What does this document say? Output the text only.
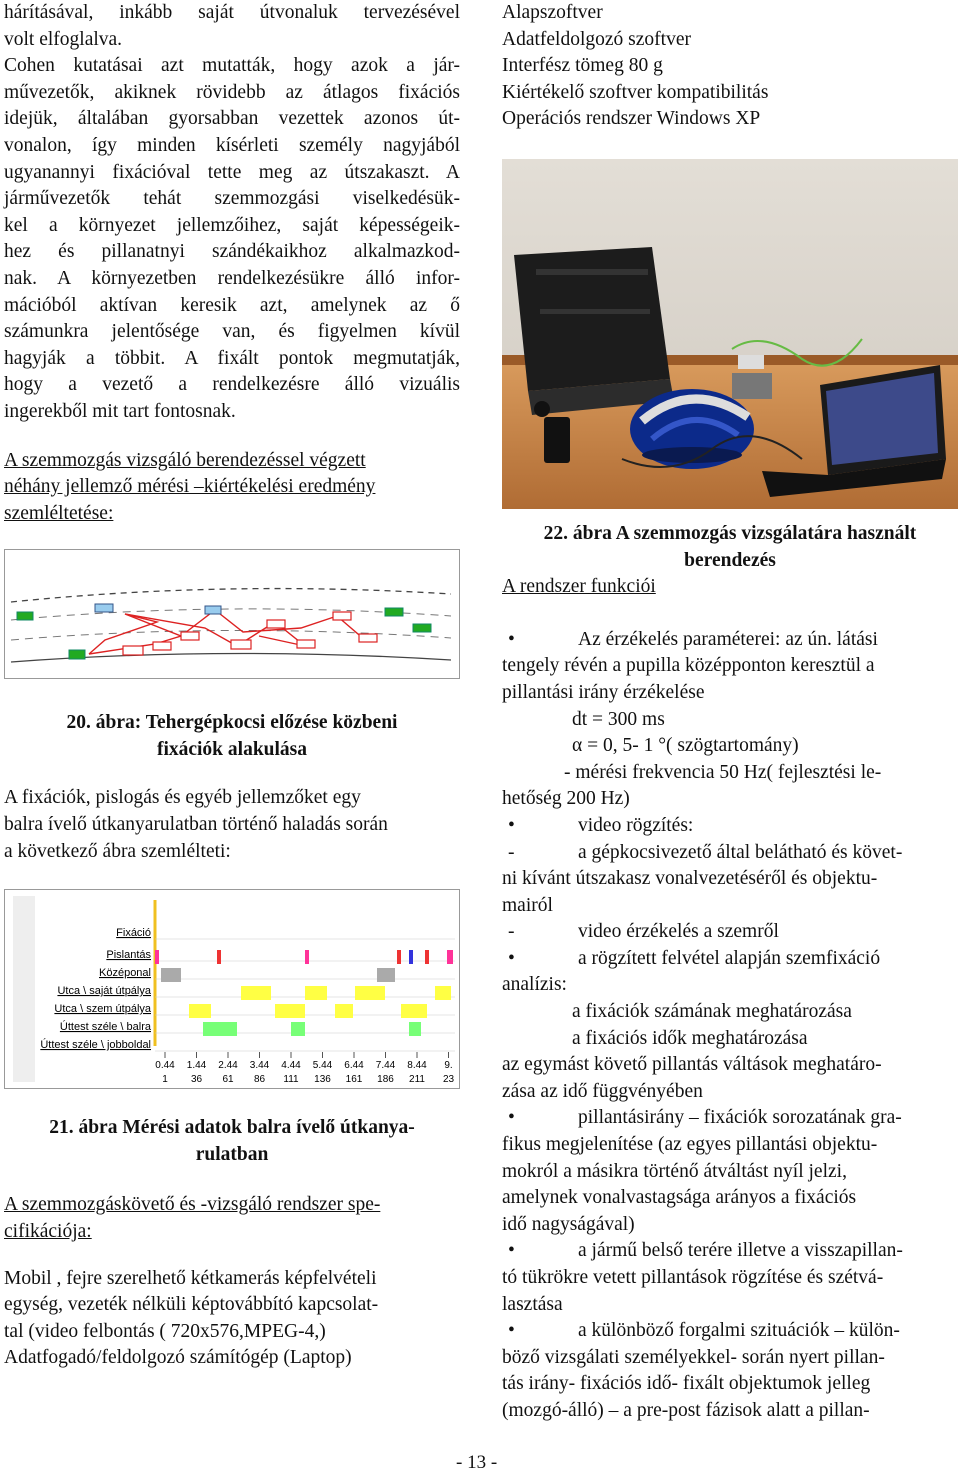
hárításával, inkább saját útvonaluk tervezésével
volt elfoglalva.
Cohen kutatásai azt mutatták, hogy azok a jár-
művezetők, akiknek rövidebb az átlagos fixációs
idejük, általában gyorsabban vezettek azonos út-
vonalon, így minden kísérleti személy nagyjából
ugyanannyi fixációval tette meg az útszakaszt. A
járművezetők tehát szemmozgási viselkedésük-
kel a környezet jellemzőihez, saját képességeik-
hez és pillanatnyi szándékaikhoz alkalmazkod-
nak. A környezetben rendelkezésükre álló infor-
mációból aktívan keresik azt, amelynek az ő
számunkra jelentősége van, és figyelmen kívül
hagyják a többit. A fixált pontok megmutatják,
hogy a vezető a rendelkezésre álló vizuális
ingerekből mit tart fontosnak.
A szemmozgás vizsgáló berendezéssel végzett
néhány jellemző mérési –kiértékelési eredmény
szemléltetése:
20. ábra: Tehergépkocsi előzése közbeni
fixációk alakulása
A fixációk, pislogás és egyéb jellemzőket egy
balra ívelő útkanyarulatban történő haladás során
a következő ábra szemlélteti:
Fixáció
Pislantás
Középonal
Utca \ saját útpálya
Utca \ szem útpálya
Úttest széle \ balra
Úttest széle \ jobboldal
0.44
1
1.44
36
2.44
61
3.44
86
4.44
111
5.44
136
6.44
161
7.44
186
8.44
211
9.
23
21. ábra Mérési adatok balra ívelő útkanya-
rulatban
A szemmozgáskövető és -vizsgáló rendszer spe-
cifikációja:
Mobil , fejre szerelhető kétkamerás képfelvételi
egység, vezeték nélküli képtovábbító kapcsolat-
tal (video felbontás ( 720x576,MPEG-4,)
Adatfogadó/feldolgozó számítógép (Laptop)
Alapszoftver
Adatfeldolgozó szoftver
Interfész tömeg 80 g
Kiértékelő szoftver kompatibilitás
Operációs rendszer Windows XP
22. ábra A szemmozgás vizsgálatára használt
berendezés
A rendszer funkciói
•	Az érzékelés paraméterei: az ún. látási
tengely révén a pupilla középponton keresztül a
pillantási irány érzékelése
dt = 300 ms
α = 0, 5- 1 °( szögtartomány)
- mérési frekvencia 50 Hz( fejlesztési le-
hetőség 200 Hz)
•	video rögzítés:
-	a gépkocsivezető által belátható és követ-
ni kívánt útszakasz vonalvezetéséről és objektu-
mairól
-	video érzékelés a szemről
•	a rögzített felvétel alapján szemfixáció
analízis:
a fixációk számának meghatározása
a fixációs idők meghatározása
az egymást követő pillantás váltások meghatáro-
zása az idő függvényében
•	pillantásirány – fixációk sorozatának gra-
fikus megjelenítése (az egyes pillantási objektu-
mokról a másikra történő átváltást nyíl jelzi,
amelynek vonalvastagsága arányos a fixációs
idő nagyságával)
•	a jármű belső terére illetve a visszapillan-
tó tükrökre vetett pillantások rögzítése és szétvá-
lasztása
•	a különböző forgalmi szituációk – külön-
böző vizsgálati személyekkel- során nyert pillan-
tás irány- fixációs idő- fixált objektumok jelleg
(mozgó-álló) – a pre-post fázisok alatt a pillan-
- 13 -
